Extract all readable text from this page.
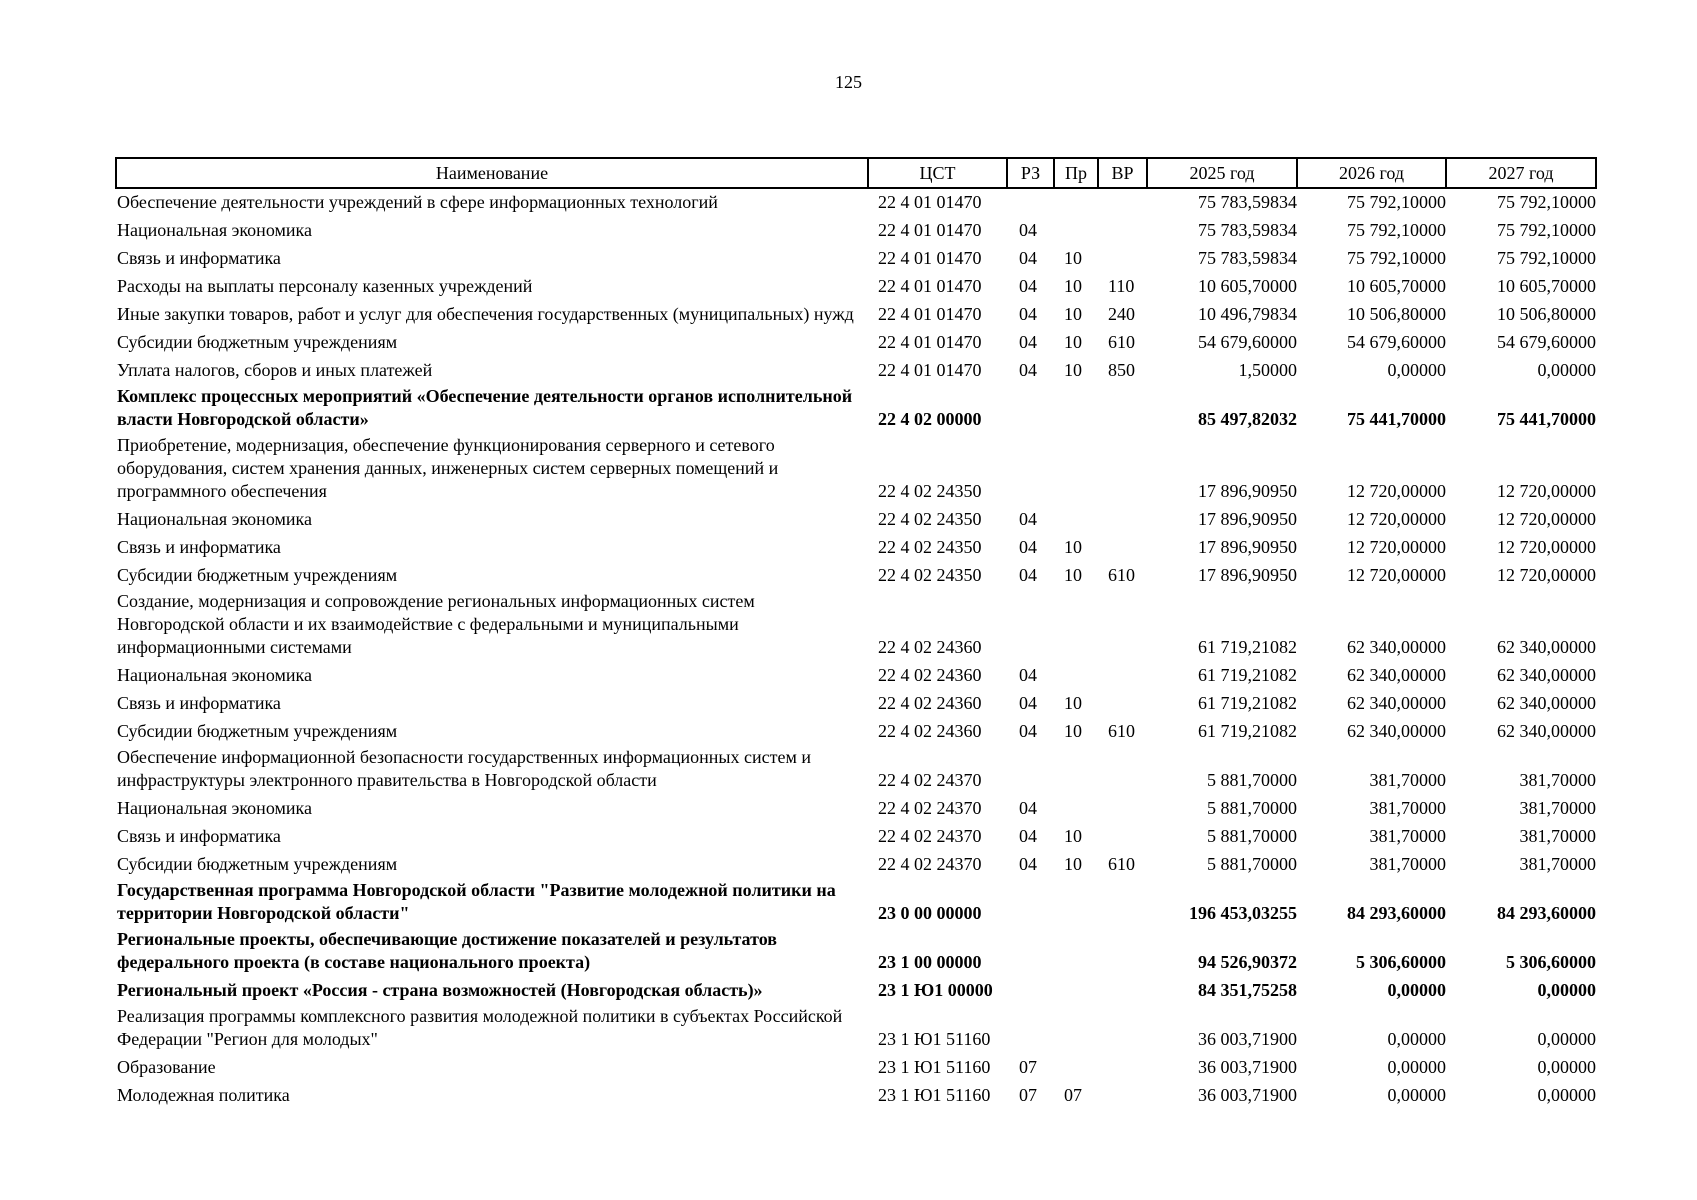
125
Наименование	ЦСТ	РЗ	Пр	ВР	2025 год	2026 год	2027 год
Обеспечение деятельности учреждений в сфере информационных технологий	22 4 01 01470				75 783,59834	75 792,10000	75 792,10000
Национальная экономика	22 4 01 01470	04			75 783,59834	75 792,10000	75 792,10000
Связь и информатика	22 4 01 01470	04	10		75 783,59834	75 792,10000	75 792,10000
Расходы на выплаты персоналу казенных учреждений	22 4 01 01470	04	10	110	10 605,70000	10 605,70000	10 605,70000
Иные закупки товаров, работ и услуг для обеспечения государственных (муниципальных) нужд	22 4 01 01470	04	10	240	10 496,79834	10 506,80000	10 506,80000
Субсидии бюджетным учреждениям	22 4 01 01470	04	10	610	54 679,60000	54 679,60000	54 679,60000
Уплата налогов, сборов и иных платежей	22 4 01 01470	04	10	850	1,50000	0,00000	0,00000
Комплекс процессных мероприятий «Обеспечение деятельности органов исполнительной власти Новгородской области»	22 4 02 00000				85 497,82032	75 441,70000	75 441,70000
Приобретение, модернизация, обеспечение функционирования серверного и сетевого оборудования, систем хранения данных, инженерных систем серверных помещений и программного обеспечения	22 4 02 24350				17 896,90950	12 720,00000	12 720,00000
Национальная экономика	22 4 02 24350	04			17 896,90950	12 720,00000	12 720,00000
Связь и информатика	22 4 02 24350	04	10		17 896,90950	12 720,00000	12 720,00000
Субсидии бюджетным учреждениям	22 4 02 24350	04	10	610	17 896,90950	12 720,00000	12 720,00000
Создание, модернизация и сопровождение региональных информационных систем Новгородской области и их взаимодействие с федеральными и муниципальными информационными системами	22 4 02 24360				61 719,21082	62 340,00000	62 340,00000
Национальная экономика	22 4 02 24360	04			61 719,21082	62 340,00000	62 340,00000
Связь и информатика	22 4 02 24360	04	10		61 719,21082	62 340,00000	62 340,00000
Субсидии бюджетным учреждениям	22 4 02 24360	04	10	610	61 719,21082	62 340,00000	62 340,00000
Обеспечение информационной безопасности государственных информационных систем и инфраструктуры электронного правительства в Новгородской области	22 4 02 24370				5 881,70000	381,70000	381,70000
Национальная экономика	22 4 02 24370	04			5 881,70000	381,70000	381,70000
Связь и информатика	22 4 02 24370	04	10		5 881,70000	381,70000	381,70000
Субсидии бюджетным учреждениям	22 4 02 24370	04	10	610	5 881,70000	381,70000	381,70000
Государственная программа Новгородской области "Развитие молодежной политики на территории Новгородской области"	23 0 00 00000				196 453,03255	84 293,60000	84 293,60000
Региональные проекты, обеспечивающие достижение показателей и результатов федерального проекта (в составе национального проекта)	23 1 00 00000				94 526,90372	5 306,60000	5 306,60000
Региональный проект «Россия - страна возможностей (Новгородская область)»	23 1 Ю1 00000				84 351,75258	0,00000	0,00000
Реализация программы комплексного развития молодежной политики в субъектах Российской Федерации "Регион для молодых"	23 1 Ю1 51160				36 003,71900	0,00000	0,00000
Образование	23 1 Ю1 51160	07			36 003,71900	0,00000	0,00000
Молодежная политика	23 1 Ю1 51160	07	07		36 003,71900	0,00000	0,00000
